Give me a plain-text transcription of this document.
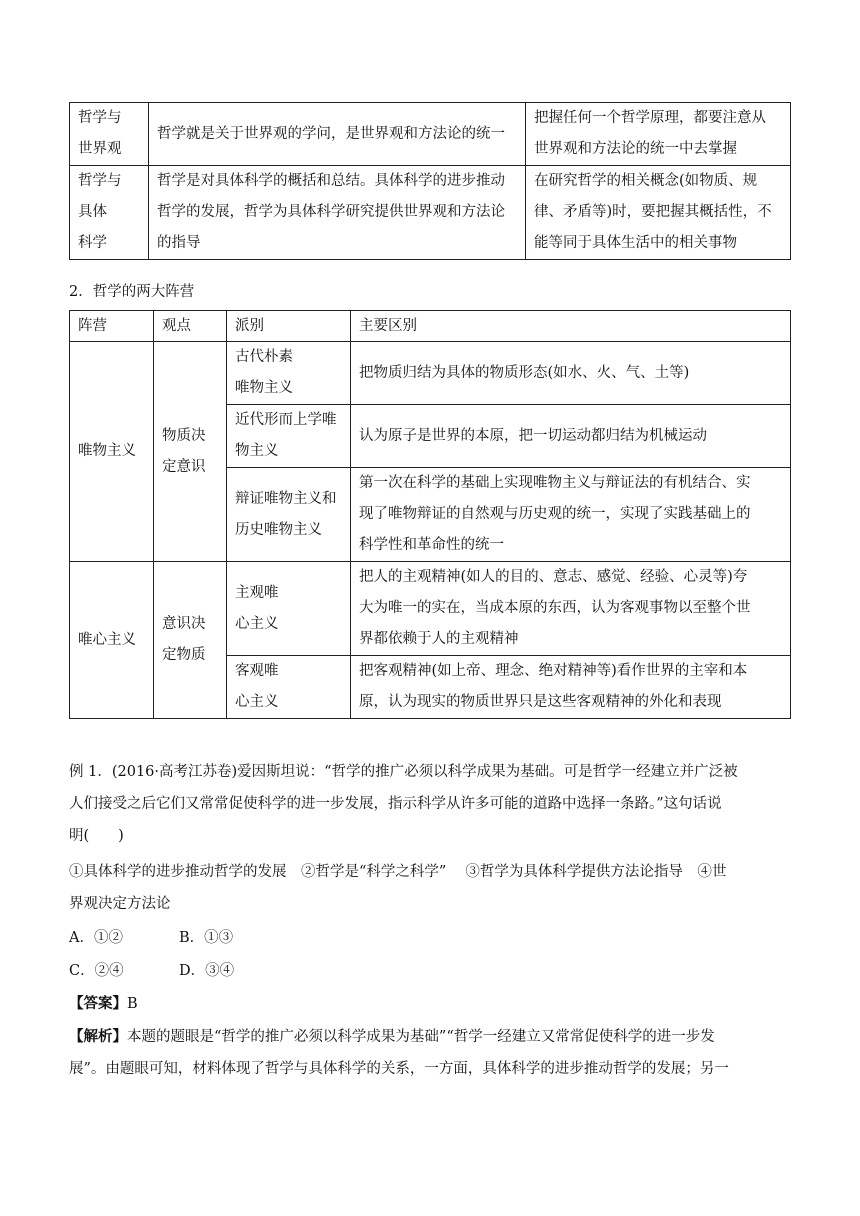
哲学与
世界观	哲学就是关于世界观的学问，是世界观和方法论的统一	把握任何一个哲学原理，都要注意从
世界观和方法论的统一中去掌握

哲学与
具体
科学	哲学是对具体科学的概括和总结。具体科学的进步推动
哲学的发展，哲学为具体科学研究提供世界观和方法论
的指导	在研究哲学的相关概念(如物质、规
律、矛盾等)时，要把握其概括性，不
能等同于具体生活中的相关事物
2．哲学的两大阵营
阵营	观点	派别	主要区别
唯物主义	物质决
定意识	古代朴素
唯物主义	把物质归结为具体的物质形态(如水、火、气、土等)

		近代形而上学唯
物主义	认为原子是世界的本原，把一切运动都归结为机械运动

		辩证唯物主义和
历史唯物主义	第一次在科学的基础上实现唯物主义与辩证法的有机结合、实
现了唯物辩证的自然观与历史观的统一，实现了实践基础上的
科学性和革命性的统一

唯心主义	意识决
定物质	主观唯
心主义	把人的主观精神(如人的目的、意志、感觉、经验、心灵等)夸
大为唯一的实在，当成本原的东西，认为客观事物以至整个世
界都依赖于人的主观精神

		客观唯
心主义	把客观精神(如上帝、理念、绝对精神等)看作世界的主宰和本
原，认为现实的物质世界只是这些客观精神的外化和表现
例 1．(2016·高考江苏卷)爱因斯坦说：“哲学的推广必须以科学成果为基础。可是哲学一经建立并广泛被
人们接受之后它们又常常促使科学的进一步发展，指示科学从许多可能的道路中选择一条路。”这句话说
明(　　)
①具体科学的进步推动哲学的发展　②哲学是“科学之科学”　 ③哲学为具体科学提供方法论指导　④世
界观决定方法论
A．①②	B．①③
C．②④	D．③④
【答案】B
【解析】本题的题眼是“哲学的推广必须以科学成果为基础”“哲学一经建立又常常促使科学的进一步发
展”。由题眼可知，材料体现了哲学与具体科学的关系，一方面，具体科学的进步推动哲学的发展；另一
